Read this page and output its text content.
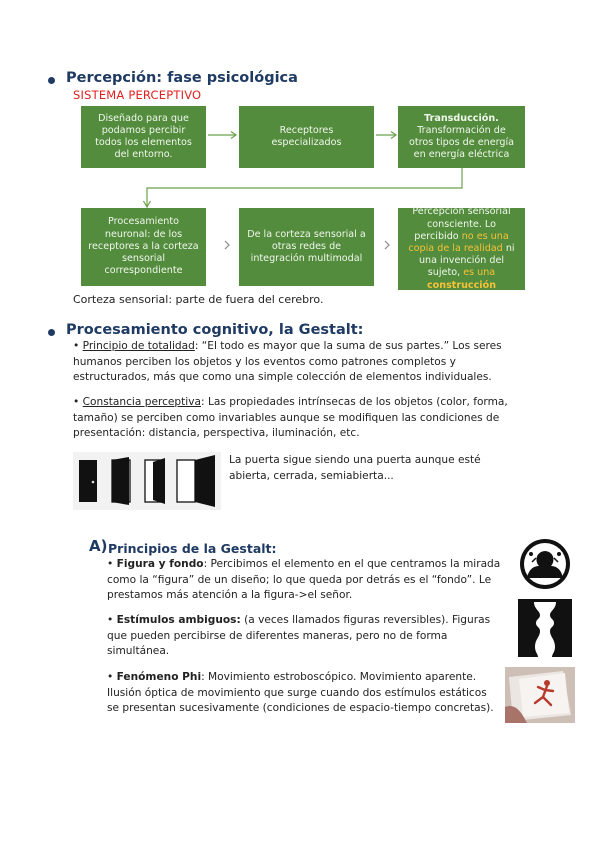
Percepción: fase psicológica
SISTEMA PERCEPTIVO
Diseñado para que podamos percibir todos los elementos del entorno.
Receptores especializados
Transducción.
Transformación de otros tipos de energía en energía eléctrica
Procesamiento neuronal: de los receptores a la corteza sensorial correspondiente
De la corteza sensorial a otras redes de integración multimodal
Percepción sensorial consciente. Lo percibido no es una copia de la realidad ni una invención del sujeto, es una construcción
Corteza sensorial: parte de fuera del cerebro.
Procesamiento cognitivo, la Gestalt:
• Principio de totalidad: “El todo es mayor que la suma de sus partes.” Los seres humanos perciben los objetos y los eventos como patrones completos y estructurados, más que como una simple colección de elementos individuales.
• Constancia perceptiva: Las propiedades intrínsecas de los objetos (color, forma, tamaño) se perciben como invariables aunque se modifiquen las condiciones de presentación: distancia, perspectiva, iluminación, etc.
La puerta sigue siendo una puerta aunque esté abierta, cerrada, semiabierta...
A) Principios de la Gestalt:
• Figura y fondo: Percibimos el elemento en el que centramos la mirada como la “figura” de un diseño; lo que queda por detrás es el “fondo”. Le prestamos más atención a la figura->el señor.
• Estímulos ambiguos: (a veces llamados figuras reversibles). Figuras que pueden percibirse de diferentes maneras, pero no de forma simultánea.
• Fenómeno Phi: Movimiento estroboscópico. Movimiento aparente. Ilusión óptica de movimiento que surge cuando dos estímulos estáticos se presentan sucesivamente (condiciones de espacio-tiempo concretas).
